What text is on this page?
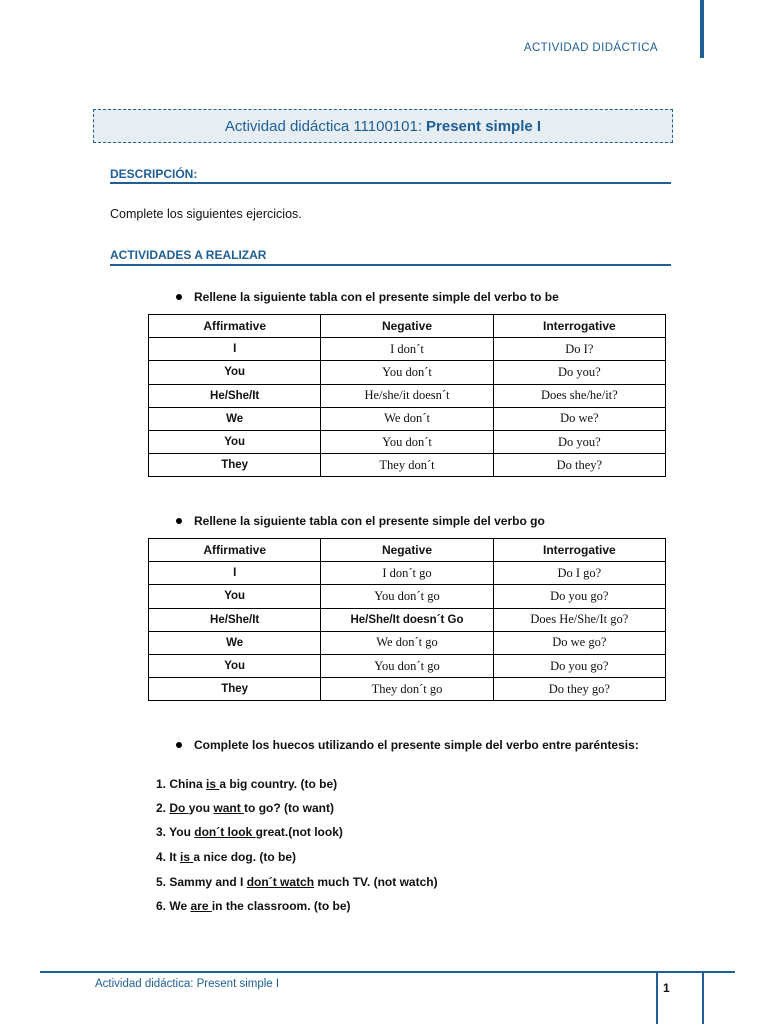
ACTIVIDAD DIDÁCTICA
Actividad didáctica 11100101: Present simple I
DESCRIPCIÓN:
Complete los siguientes ejercicios.
ACTIVIDADES A REALIZAR
Rellene la siguiente tabla con el presente simple del verbo to be
Affirmative	Negative	Interrogative
I	I don´t	Do I?
You	You don´t	Do you?
He/She/It	He/she/it doesn´t	Does she/he/it?
We	We don´t	Do we?
You	You don´t	Do you?
They	They don´t	Do they?
Rellene la siguiente tabla con el presente simple del verbo go
Affirmative	Negative	Interrogative
I	I don´t go	Do I go?
You	You don´t go	Do you go?
He/She/It	He/She/It doesn´t Go	Does He/She/It go?
We	We don´t go	Do we go?
You	You don´t go	Do you go?
They	They don´t go	Do they go?
Complete los huecos utilizando el presente simple del verbo entre paréntesis:
1. China is a big country. (to be)
2. Do you want to go? (to want)
3. You don´t look great.(not look)
4. It is a nice dog. (to be)
5. Sammy and I don´t watch much TV. (not watch)
6. We are in the classroom. (to be)
Actividad didáctica: Present simple I	1
